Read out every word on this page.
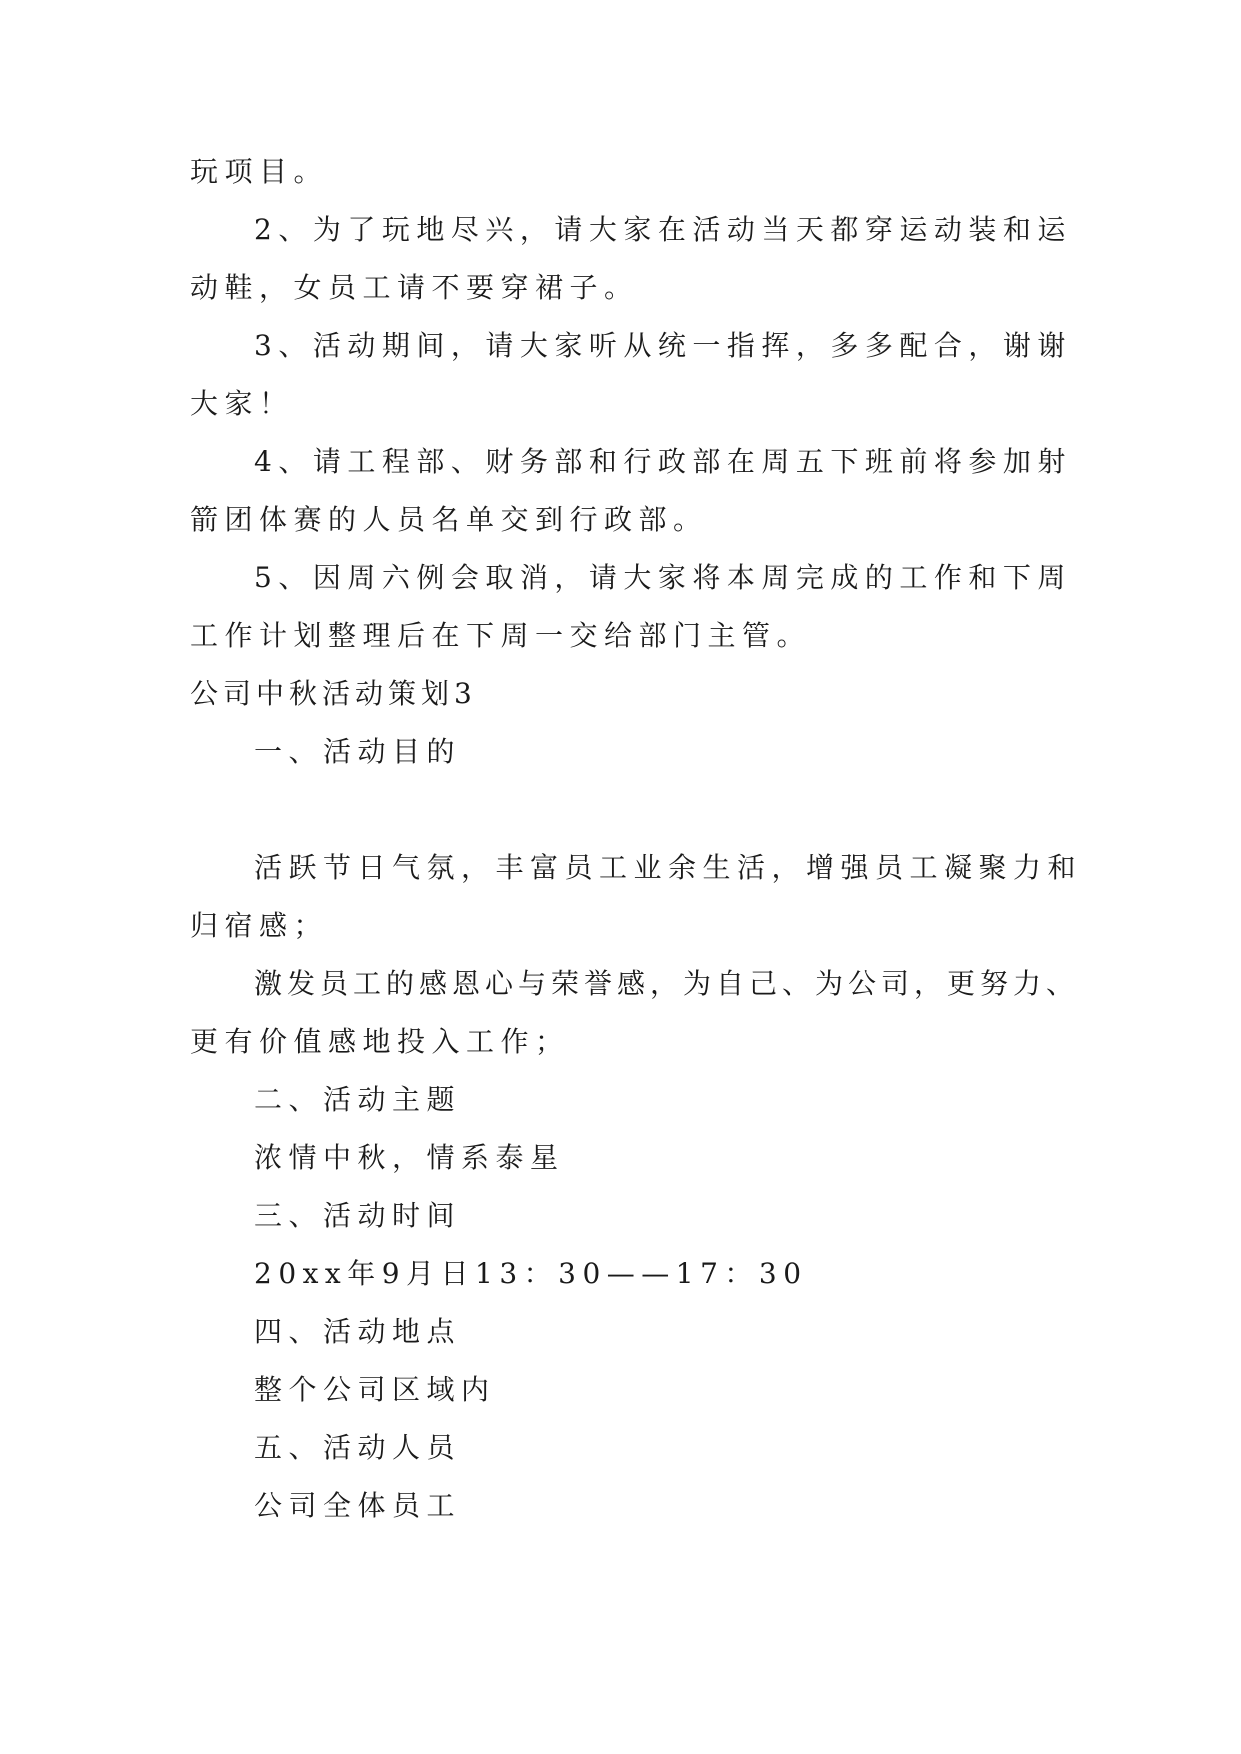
玩项目。
2、为了玩地尽兴，请大家在活动当天都穿运动装和运
动鞋，女员工请不要穿裙子。
3、活动期间，请大家听从统一指挥，多多配合，谢谢
大家！
4、请工程部、财务部和行政部在周五下班前将参加射
箭团体赛的人员名单交到行政部。
5、因周六例会取消，请大家将本周完成的工作和下周
工作计划整理后在下周一交给部门主管。
公司中秋活动策划3
一、活动目的
活跃节日气氛，丰富员工业余生活，增强员工凝聚力和
归宿感；
激发员工的感恩心与荣誉感，为自己、为公司，更努力、
更有价值感地投入工作；
二、活动主题
浓情中秋，情系泰星
三、活动时间
20xx年9月日13：30——17：30
四、活动地点
整个公司区域内
五、活动人员
公司全体员工
